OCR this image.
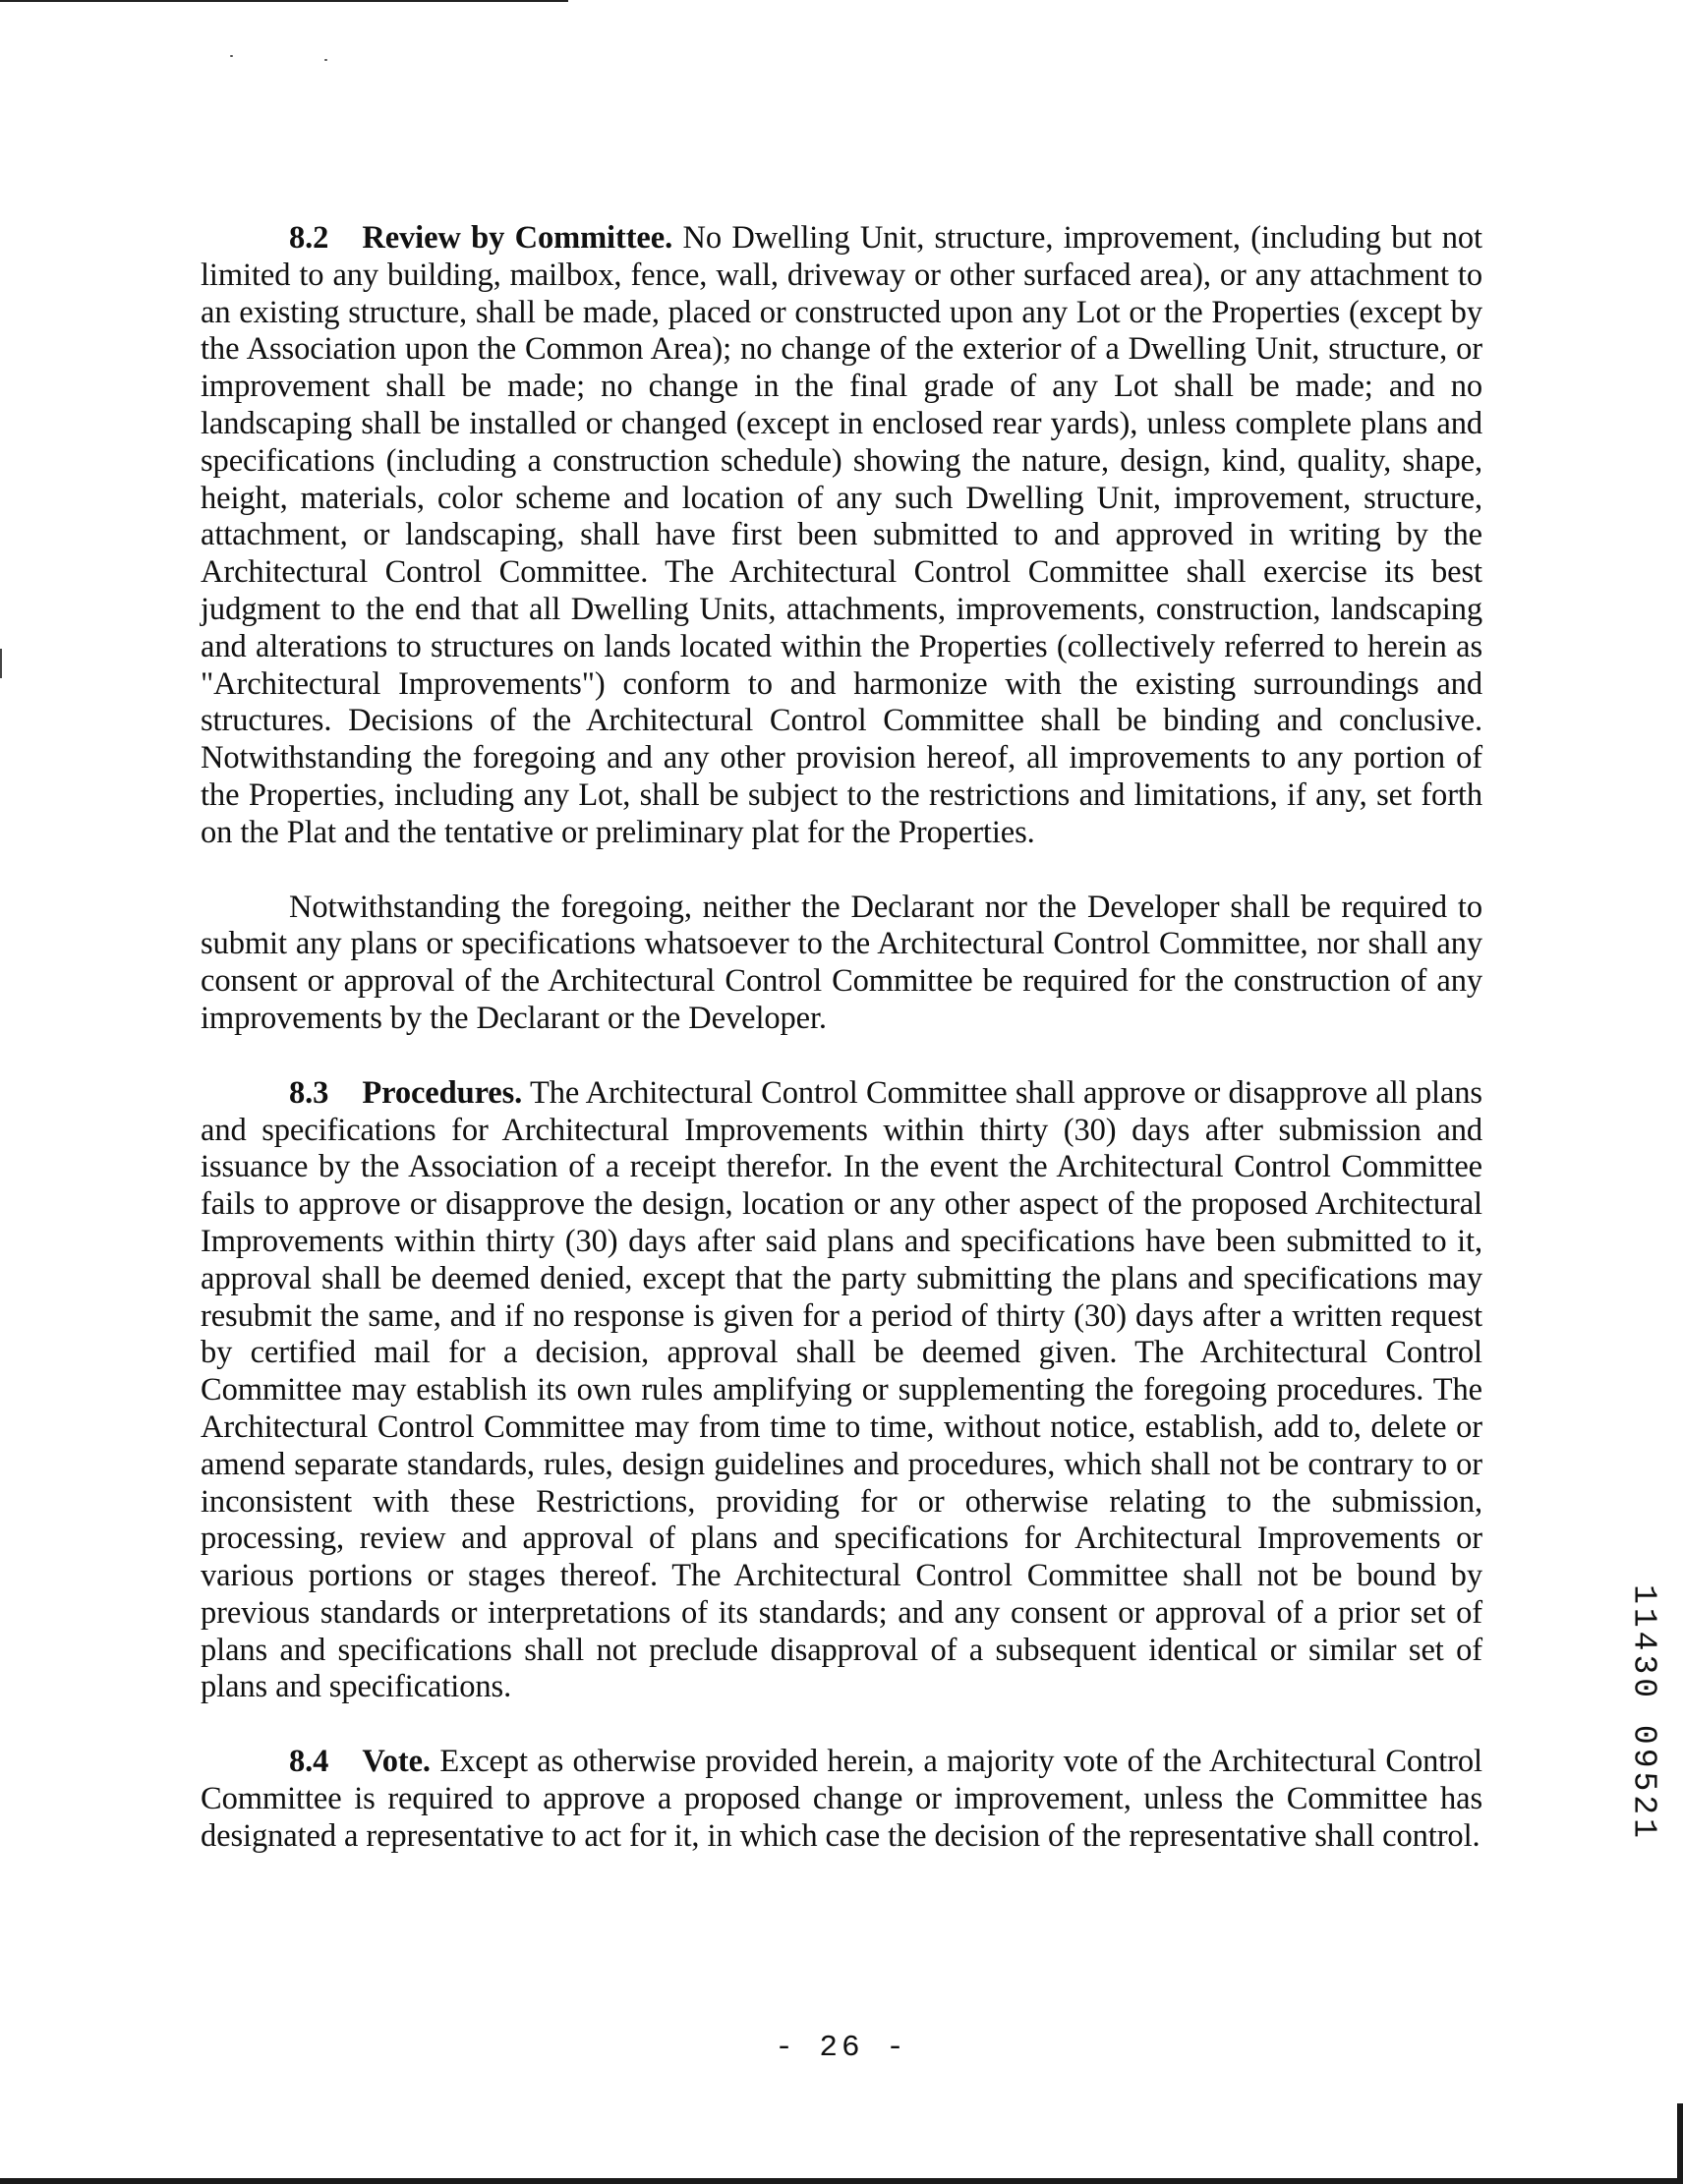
8.2 Review by Committee. No Dwelling Unit, structure, improvement, (including but not limited to any building, mailbox, fence, wall, driveway or other surfaced area), or any attachment to an existing structure, shall be made, placed or constructed upon any Lot or the Properties (except by the Association upon the Common Area); no change of the exterior of a Dwelling Unit, structure, or improvement shall be made; no change in the final grade of any Lot shall be made; and no landscaping shall be installed or changed (except in enclosed rear yards), unless complete plans and specifications (including a construction schedule) showing the nature, design, kind, quality, shape, height, materials, color scheme and location of any such Dwelling Unit, improvement, structure, attachment, or landscaping, shall have first been submitted to and approved in writing by the Architectural Control Committee. The Architectural Control Committee shall exercise its best judgment to the end that all Dwelling Units, attachments, improvements, construction, landscaping and alterations to structures on lands located within the Properties (collectively referred to herein as "Architectural Improvements") conform to and harmonize with the existing surroundings and structures. Decisions of the Architectural Control Committee shall be binding and conclusive. Notwithstanding the foregoing and any other provision hereof, all improvements to any portion of the Properties, including any Lot, shall be subject to the restrictions and limitations, if any, set forth on the Plat and the tentative or preliminary plat for the Properties.

Notwithstanding the foregoing, neither the Declarant nor the Developer shall be required to submit any plans or specifications whatsoever to the Architectural Control Committee, nor shall any consent or approval of the Architectural Control Committee be required for the construction of any improvements by the Declarant or the Developer.

8.3 Procedures. The Architectural Control Committee shall approve or disapprove all plans and specifications for Architectural Improvements within thirty (30) days after submission and issuance by the Association of a receipt therefor. In the event the Architectural Control Committee fails to approve or disapprove the design, location or any other aspect of the proposed Architectural Improvements within thirty (30) days after said plans and specifications have been submitted to it, approval shall be deemed denied, except that the party submitting the plans and specifications may resubmit the same, and if no response is given for a period of thirty (30) days after a written request by certified mail for a decision, approval shall be deemed given. The Architectural Control Committee may establish its own rules amplifying or supplementing the foregoing procedures. The Architectural Control Committee may from time to time, without notice, establish, add to, delete or amend separate standards, rules, design guidelines and procedures, which shall not be contrary to or inconsistent with these Restrictions, providing for or otherwise relating to the submission, processing, review and approval of plans and specifications for Architectural Improvements or various portions or stages thereof. The Architectural Control Committee shall not be bound by previous standards or interpretations of its standards; and any consent or approval of a prior set of plans and specifications shall not preclude disapproval of a subsequent identical or similar set of plans and specifications.

8.4 Vote. Except as otherwise provided herein, a majority vote of the Architectural Control Committee is required to approve a proposed change or improvement, unless the Committee has designated a representative to act for it, in which case the decision of the representative shall control.	11430 09521
- 26 -
